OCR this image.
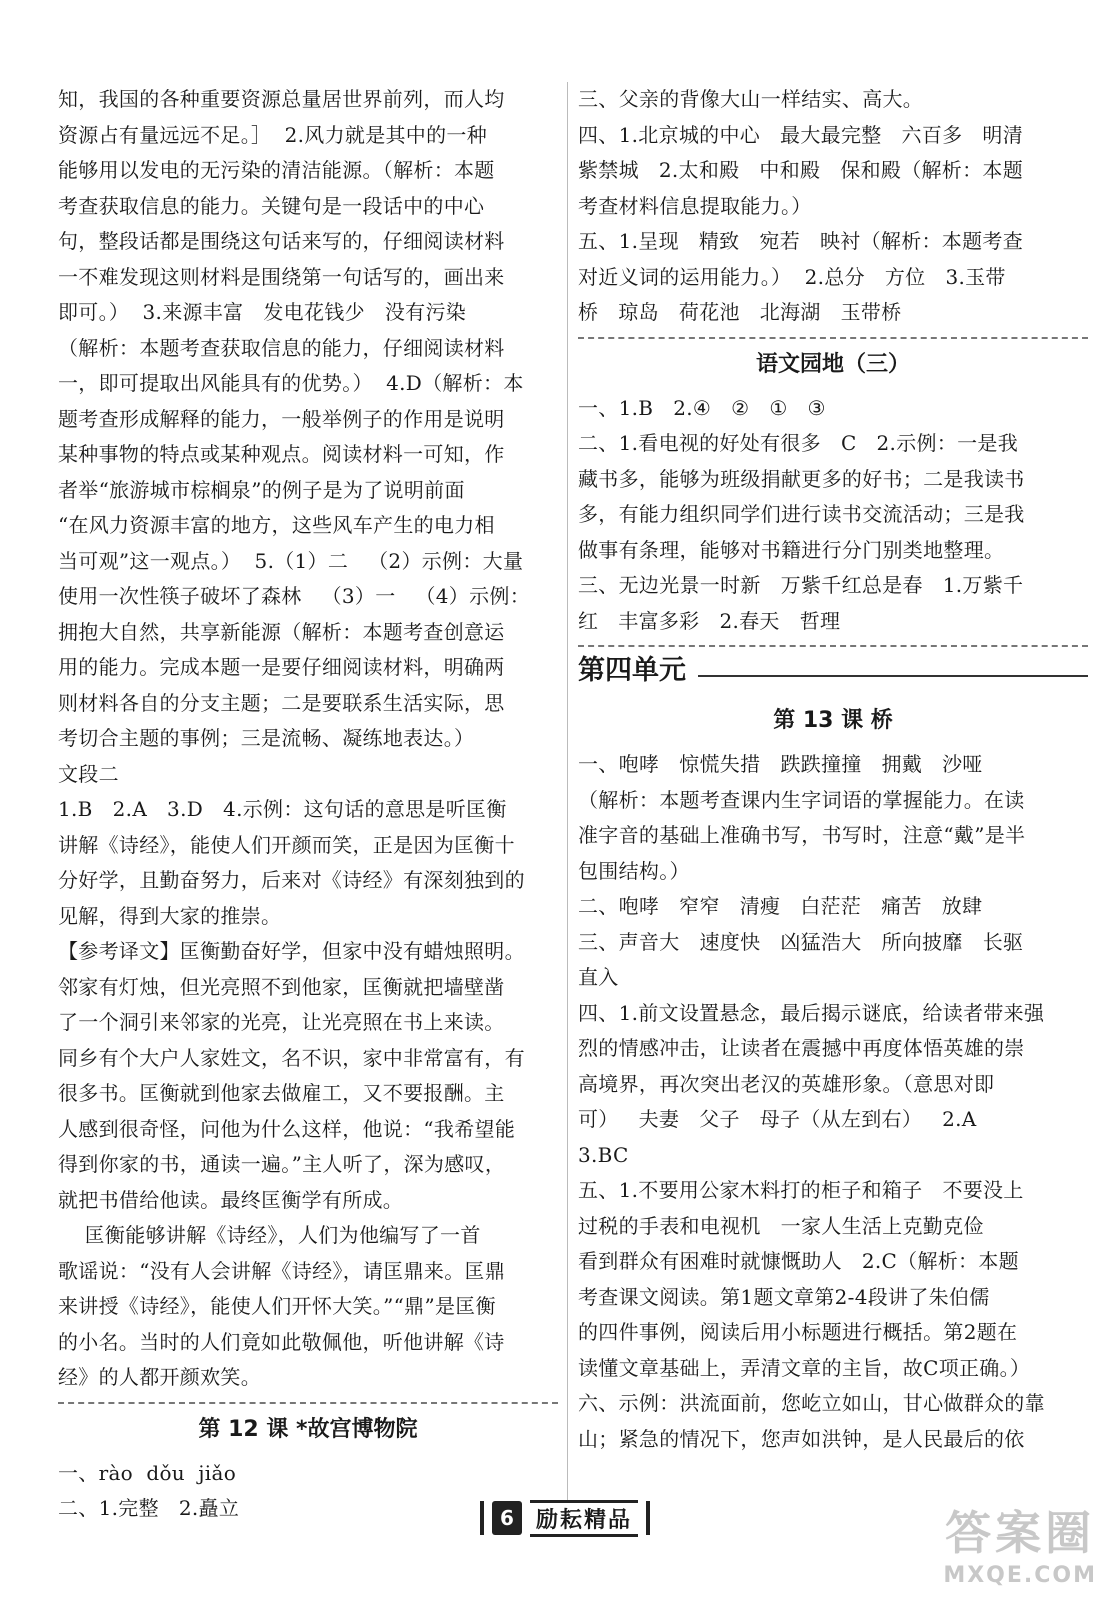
知，我国的各种重要资源总量居世界前列，而人均
资源占有量远远不足。］  2.风力就是其中的一种
能够用以发电的无污染的清洁能源。（解析：本题
考查获取信息的能力。关键句是一段话中的中心
句，整段话都是围绕这句话来写的，仔细阅读材料
一不难发现这则材料是围绕第一句话写的，画出来
即可。）  3.来源丰富   发电花钱少   没有污染
（解析：本题考查获取信息的能力，仔细阅读材料
一，即可提取出风能具有的优势。）  4.D（解析：本
题考查形成解释的能力，一般举例子的作用是说明
某种事物的特点或某种观点。阅读材料一可知，作
者举“旅游城市棕榈泉”的例子是为了说明前面
“在风力资源丰富的地方，这些风车产生的电力相
当可观”这一观点。）  5.（1）二   （2）示例：大量
使用一次性筷子破坏了森林   （3）一   （4）示例：
拥抱大自然，共享新能源（解析：本题考查创意运
用的能力。完成本题一是要仔细阅读材料，明确两
则材料各自的分支主题；二是要联系生活实际，思
考切合主题的事例；三是流畅、凝练地表达。）
文段二
1.B   2.A   3.D   4.示例：这句话的意思是听匡衡
讲解《诗经》，能使人们开颜而笑，正是因为匡衡十
分好学，且勤奋努力，后来对《诗经》有深刻独到的
见解，得到大家的推崇。
【参考译文】匡衡勤奋好学，但家中没有蜡烛照明。
邻家有灯烛，但光亮照不到他家，匡衡就把墙壁凿
了一个洞引来邻家的光亮，让光亮照在书上来读。
同乡有个大户人家姓文，名不识，家中非常富有，有
很多书。匡衡就到他家去做雇工，又不要报酬。主
人感到很奇怪，问他为什么这样，他说：“我希望能
得到你家的书，通读一遍。”主人听了，深为感叹，
就把书借给他读。最终匡衡学有所成。
匡衡能够讲解《诗经》，人们为他编写了一首
歌谣说：“没有人会讲解《诗经》，请匡鼎来。匡鼎
来讲授《诗经》，能使人们开怀大笑。”“鼎”是匡衡
的小名。当时的人们竟如此敬佩他，听他讲解《诗
经》的人都开颜欢笑。
第 12 课 *故宫博物院
一、rào  dǒu  jiǎo
二、1.完整   2.矗立
三、父亲的背像大山一样结实、高大。
四、1.北京城的中心   最大最完整   六百多   明清
紫禁城   2.太和殿   中和殿   保和殿（解析：本题
考查材料信息提取能力。）
五、1.呈现   精致   宛若   映衬（解析：本题考查
对近义词的运用能力。）  2.总分   方位   3.玉带
桥   琼岛   荷花池   北海湖   玉带桥
语文园地（三）
一、1.B   2.④   ②   ①   ③
二、1.看电视的好处有很多   C   2.示例：一是我
藏书多，能够为班级捐献更多的好书；二是我读书
多，有能力组织同学们进行读书交流活动；三是我
做事有条理，能够对书籍进行分门别类地整理。
三、无边光景一时新   万紫千红总是春   1.万紫千
红   丰富多彩   2.春天   哲理
第四单元
第 13 课 桥
一、咆哮   惊慌失措   跌跌撞撞   拥戴   沙哑
（解析：本题考查课内生字词语的掌握能力。在读
准字音的基础上准确书写，书写时，注意“戴”是半
包围结构。）
二、咆哮   窄窄   清瘦   白茫茫   痛苦   放肆
三、声音大   速度快   凶猛浩大   所向披靡   长驱
直入
四、1.前文设置悬念，最后揭示谜底，给读者带来强
烈的情感冲击，让读者在震撼中再度体悟英雄的崇
高境界，再次突出老汉的英雄形象。（意思对即
可）   夫妻   父子   母子（从左到右）   2.A
3.BC
五、1.不要用公家木料打的柜子和箱子   不要没上
过税的手表和电视机   一家人生活上克勤克俭
看到群众有困难时就慷慨助人   2.C（解析：本题
考查课文阅读。第1题文章第2-4段讲了朱伯儒
的四件事例，阅读后用小标题进行概括。第2题在
读懂文章基础上，弄清文章的主旨，故C项正确。）
六、示例：洪流面前，您屹立如山，甘心做群众的靠
山；紧急的情况下，您声如洪钟，是人民最后的依
6	励耘精品	答案圈
MXQE.COM
